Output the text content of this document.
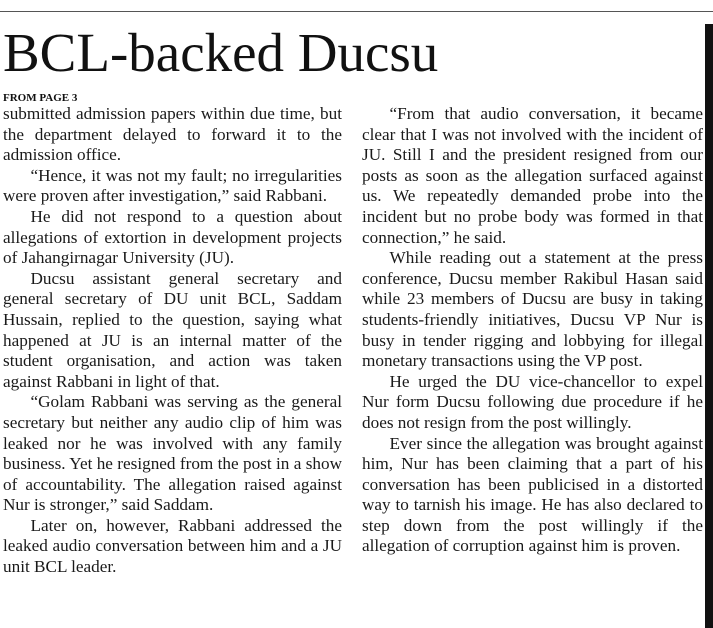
BCL-backed Ducsu
FROM PAGE 3

submitted admission papers within due time, but the department delayed to forward it to the admission office.

“Hence, it was not my fault; no irregularities were proven after investigation,” said Rabbani.

He did not respond to a question about allegations of extortion in development projects of Jahangirnagar University (JU).

Ducsu assistant general secretary and general secretary of DU unit BCL, Saddam Hussain, replied to the question, saying what happened at JU is an internal matter of the student organisation, and action was taken against Rabbani in light of that.

“Golam Rabbani was serving as the general secretary but neither any audio clip of him was leaked nor he was involved with any family business. Yet he resigned from the post in a show of accountability. The allegation raised against Nur is stronger,” said Saddam.

Later on, however, Rabbani addressed the leaked audio conversation between him and a JU unit BCL leader.

“From that audio conversation, it became clear that I was not involved with the incident of JU. Still I and the president resigned from our posts as soon as the allegation surfaced against us. We repeatedly demanded probe into the incident but no probe body was formed in that connection,” he said.

While reading out a statement at the press conference, Ducsu member Rakibul Hasan said while 23 members of Ducsu are busy in taking students-friendly initiatives, Ducsu VP Nur is busy in tender rigging and lobbying for illegal monetary transactions using the VP post.

He urged the DU vice-chancellor to expel Nur form Ducsu following due procedure if he does not resign from the post willingly.

Ever since the allegation was brought against him, Nur has been claiming that a part of his conversation has been publicised in a distorted way to tarnish his image. He has also declared to step down from the post willingly if the allegation of corruption against him is proven.
